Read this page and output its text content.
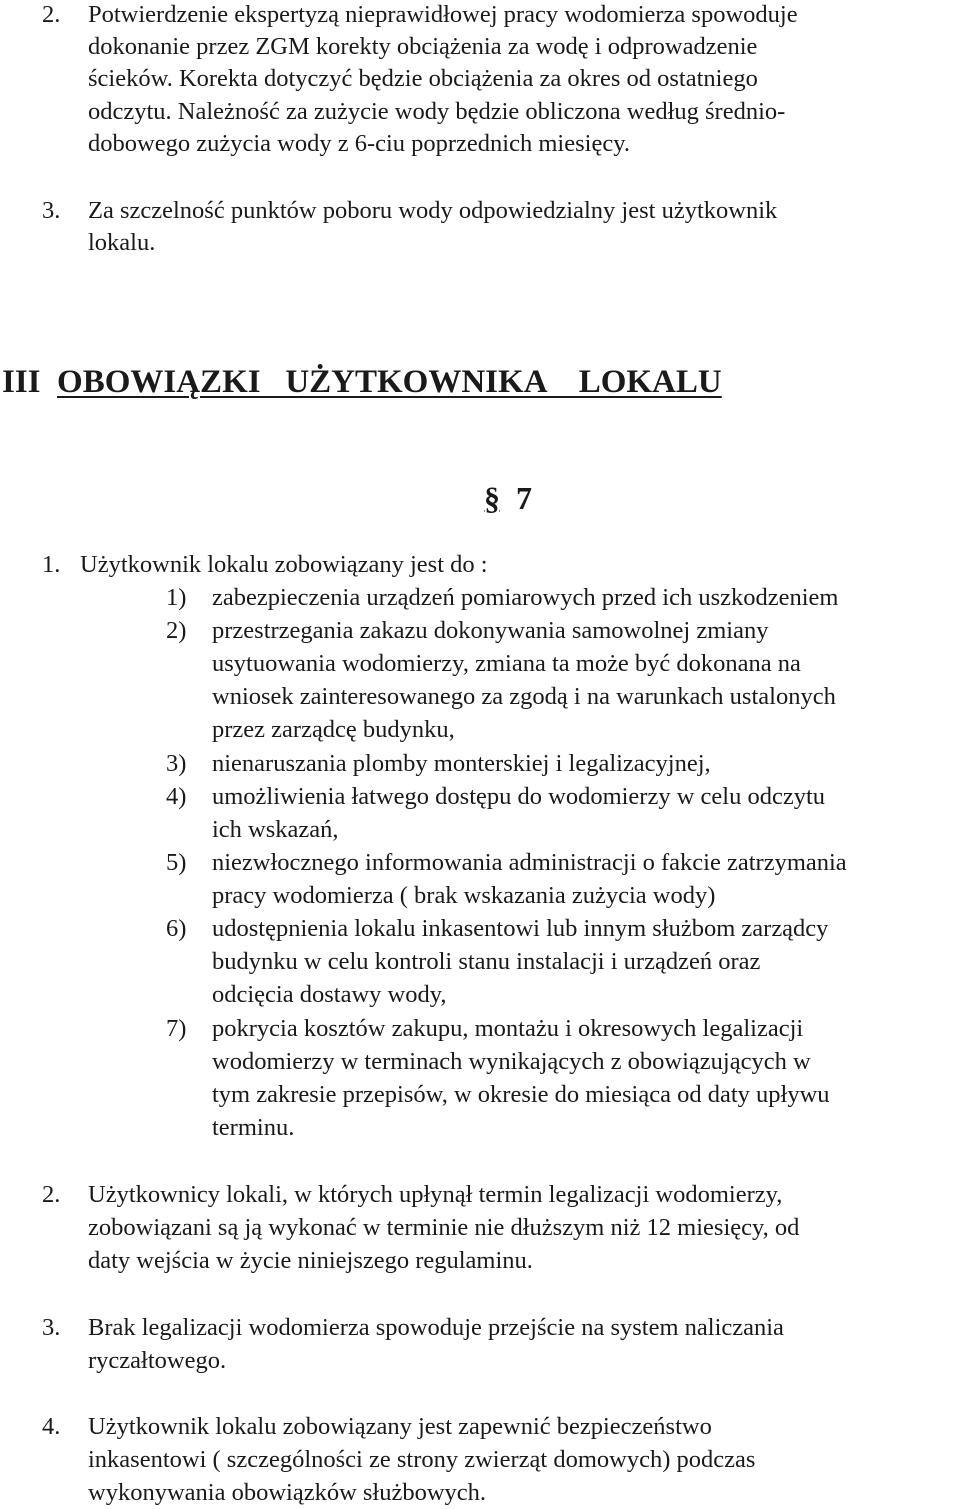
2. Potwierdzenie ekspertyzą nieprawidłowej pracy wodomierza spowoduje
dokonanie przez ZGM korekty obciążenia za wodę i odprowadzenie
ścieków. Korekta dotyczyć będzie obciążenia za okres od ostatniego
odczytu. Należność za zużycie wody będzie obliczona według średnio-
dobowego zużycia wody z 6-ciu poprzednich miesięcy.
3. Za szczelność punktów poboru wody odpowiedzialny jest użytkownik
lokalu.
III OBOWIĄZKI   UŻYTKOWNIKA    LOKALU
§ 7
1. Użytkownik lokalu zobowiązany jest do :
1) zabezpieczenia urządzeń pomiarowych przed ich uszkodzeniem
2) przestrzegania zakazu dokonywania samowolnej zmiany
usytuowania wodomierzy, zmiana ta może być dokonana na
wniosek zainteresowanego za zgodą i na warunkach ustalonych
przez zarządcę budynku,
3) nienaruszania plomby monterskiej i legalizacyjnej,
4) umożliwienia łatwego dostępu do wodomierzy w celu odczytu
ich wskazań,
5) niezwłocznego informowania administracji o fakcie zatrzymania
pracy wodomierza ( brak wskazania zużycia wody)
6) udostępnienia lokalu inkasentowi lub innym służbom zarządcy
budynku w celu kontroli stanu instalacji i urządzeń oraz
odcięcia dostawy wody,
7) pokrycia kosztów zakupu, montażu i okresowych legalizacji
wodomierzy w terminach wynikających z obowiązujących w
tym zakresie przepisów, w okresie do miesiąca od daty upływu
terminu.
2. Użytkownicy lokali, w których upłynął termin legalizacji wodomierzy,
zobowiązani są ją wykonać w terminie nie dłuższym niż 12 miesięcy, od
daty wejścia w życie niniejszego regulaminu.
3. Brak legalizacji wodomierza spowoduje przejście na system naliczania
ryczałtowego.
4. Użytkownik lokalu zobowiązany jest zapewnić bezpieczeństwo
inkasentowi ( szczególności ze strony zwierząt domowych) podczas
wykonywania obowiązków służbowych.
